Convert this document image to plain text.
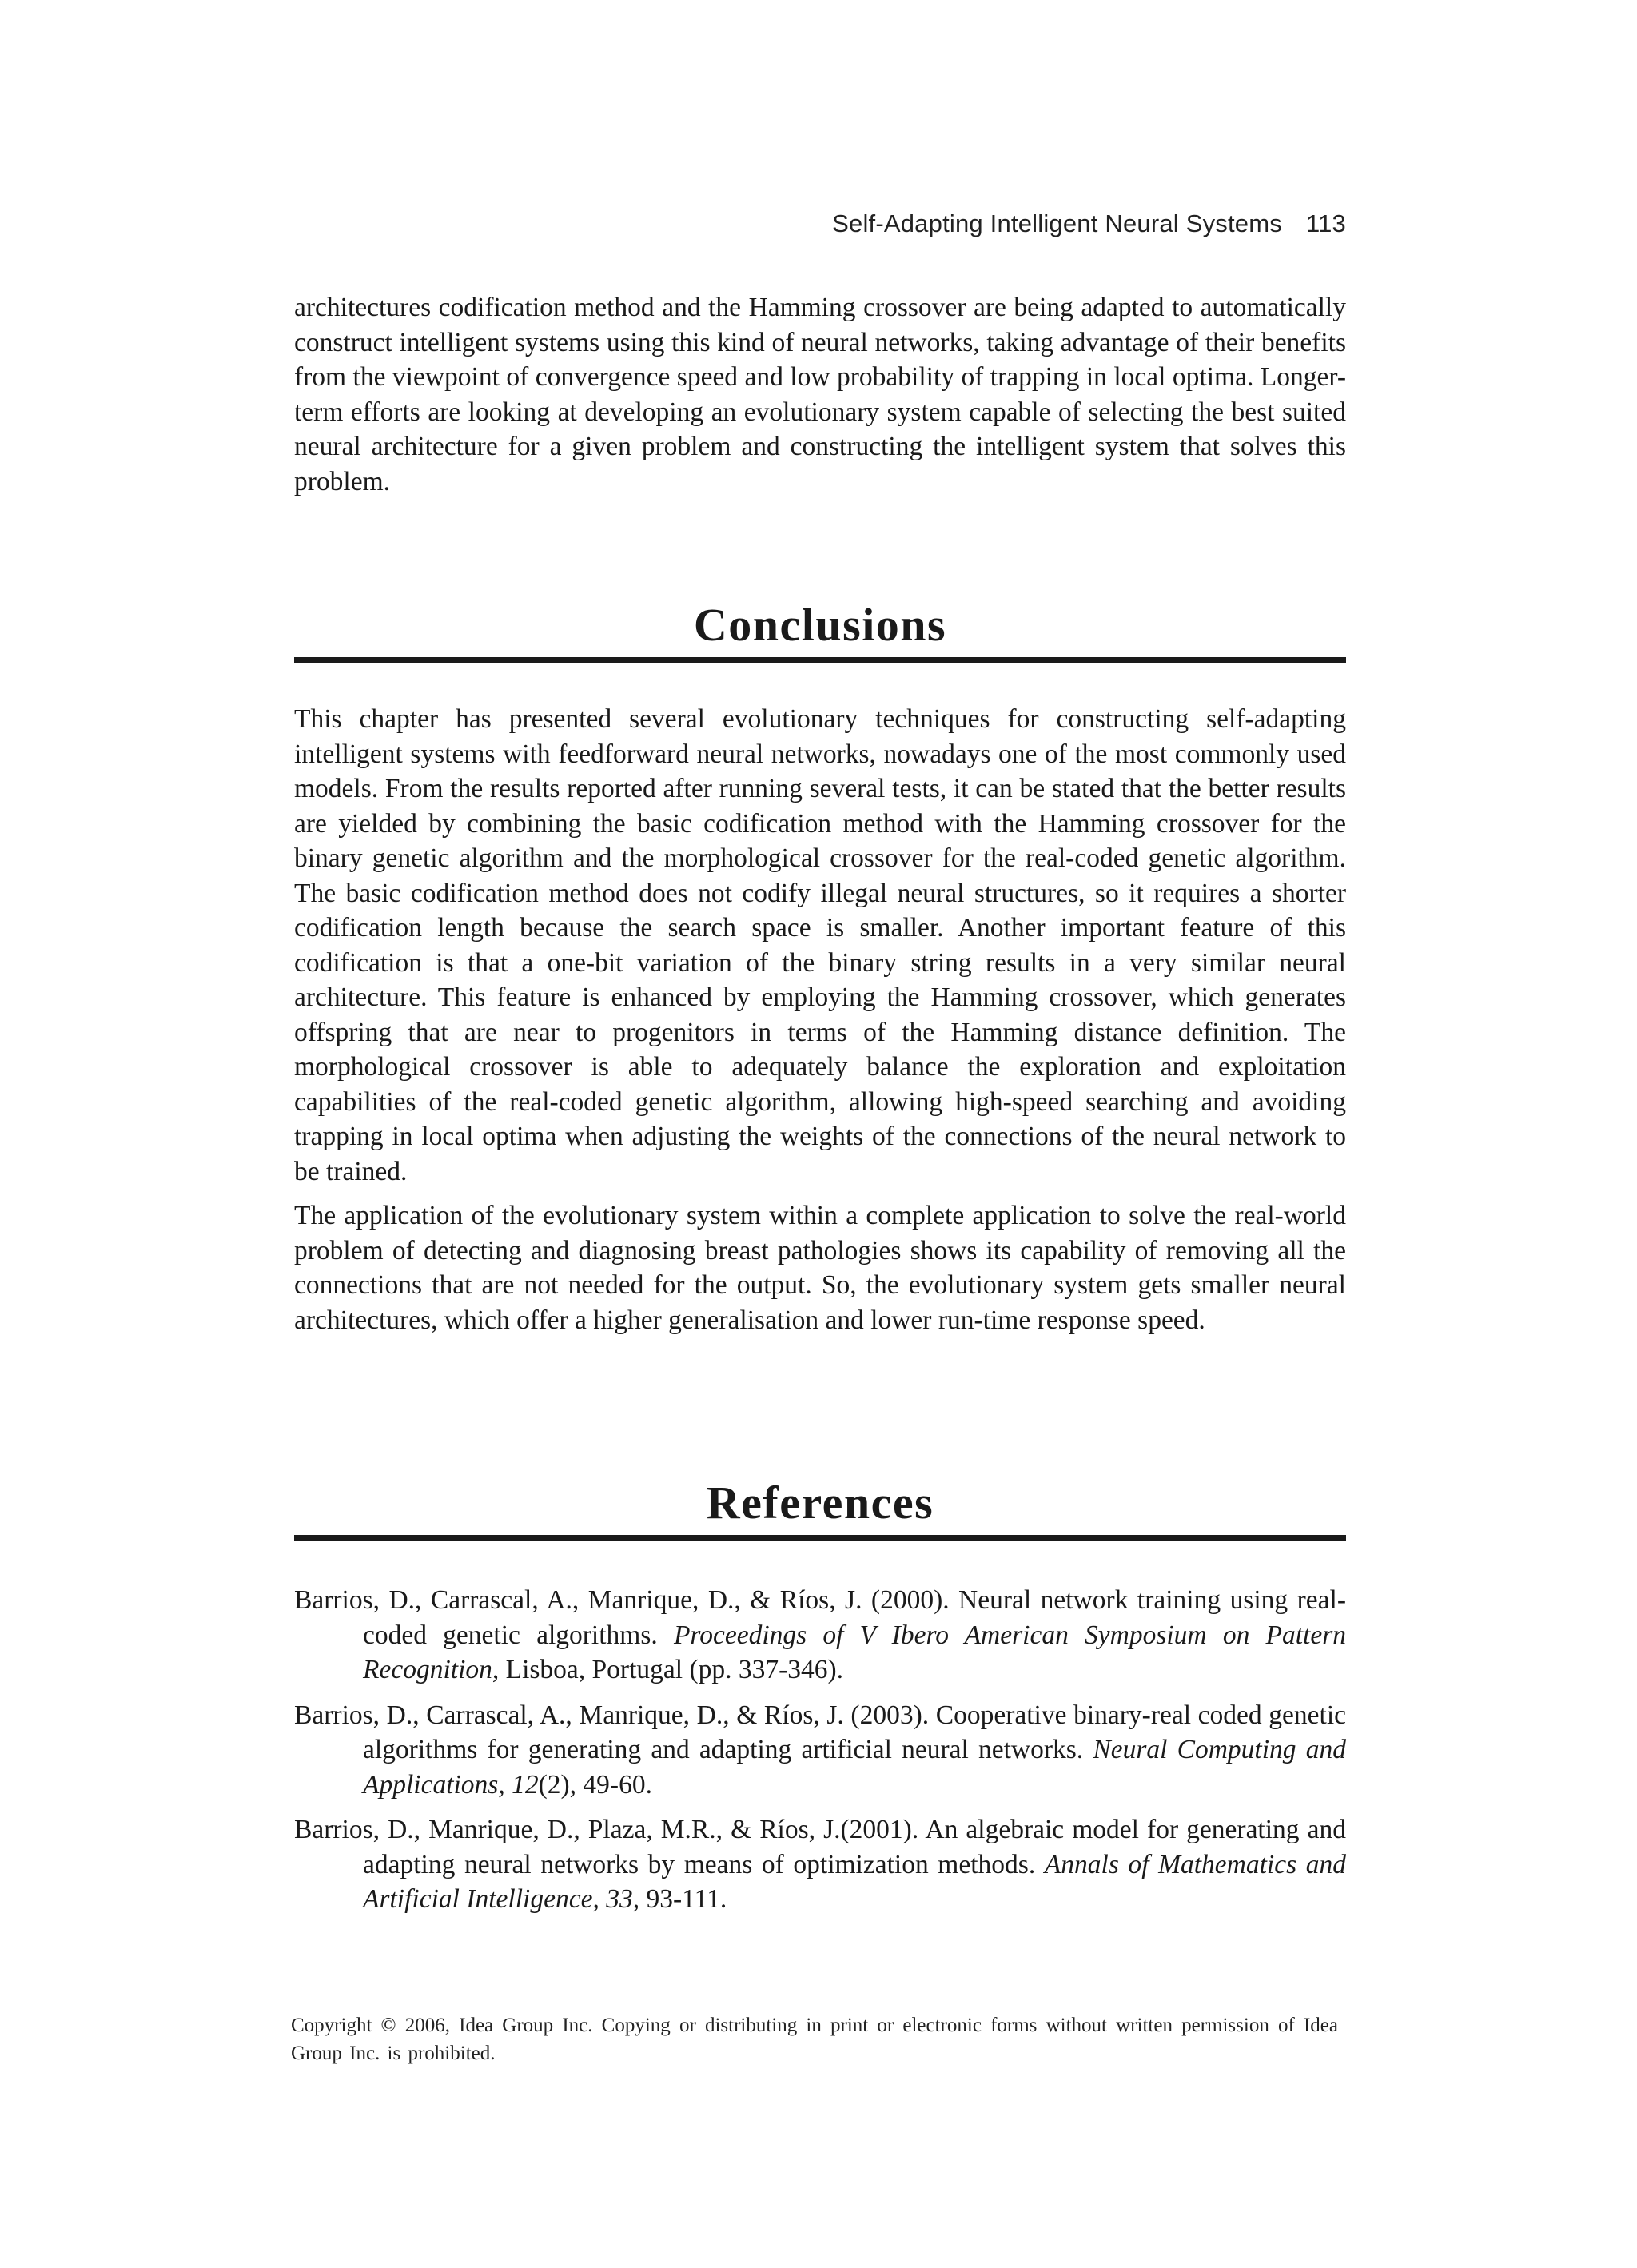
Self-Adapting Intelligent Neural Systems 113

architectures codification method and the Hamming crossover are being adapted to automatically construct intelligent systems using this kind of neural networks, taking advantage of their benefits from the viewpoint of convergence speed and low probability of trapping in local optima. Longer-term efforts are looking at developing an evolutionary system capable of selecting the best suited neural architecture for a given problem and constructing the intelligent system that solves this problem.

Conclusions

This chapter has presented several evolutionary techniques for constructing self-adapting intelligent systems with feedforward neural networks, nowadays one of the most commonly used models. From the results reported after running several tests, it can be stated that the better results are yielded by combining the basic codification method with the Hamming crossover for the binary genetic algorithm and the morphological crossover for the real-coded genetic algorithm. The basic codification method does not codify illegal neural structures, so it requires a shorter codification length because the search space is smaller. Another important feature of this codification is that a one-bit variation of the binary string results in a very similar neural architecture. This feature is enhanced by employing the Hamming crossover, which generates offspring that are near to progenitors in terms of the Hamming distance definition. The morphological crossover is able to adequately balance the exploration and exploitation capabilities of the real-coded genetic algorithm, allowing high-speed searching and avoiding trapping in local optima when adjusting the weights of the connections of the neural network to be trained.

The application of the evolutionary system within a complete application to solve the real-world problem of detecting and diagnosing breast pathologies shows its capability of removing all the connections that are not needed for the output. So, the evolutionary system gets smaller neural architectures, which offer a higher generalisation and lower run-time response speed.

References

Barrios, D., Carrascal, A., Manrique, D., & Ríos, J. (2000). Neural network training using real-coded genetic algorithms. Proceedings of V Ibero American Symposium on Pattern Recognition, Lisboa, Portugal (pp. 337-346).

Barrios, D., Carrascal, A., Manrique, D., & Ríos, J. (2003). Cooperative binary-real coded genetic algorithms for generating and adapting artificial neural networks. Neural Computing and Applications, 12(2), 49-60.

Barrios, D., Manrique, D., Plaza, M.R., & Ríos, J.(2001). An algebraic model for generating and adapting neural networks by means of optimization methods. Annals of Mathematics and Artificial Intelligence, 33, 93-111.

Copyright © 2006, Idea Group Inc. Copying or distributing in print or electronic forms without written permission of Idea Group Inc. is prohibited.
